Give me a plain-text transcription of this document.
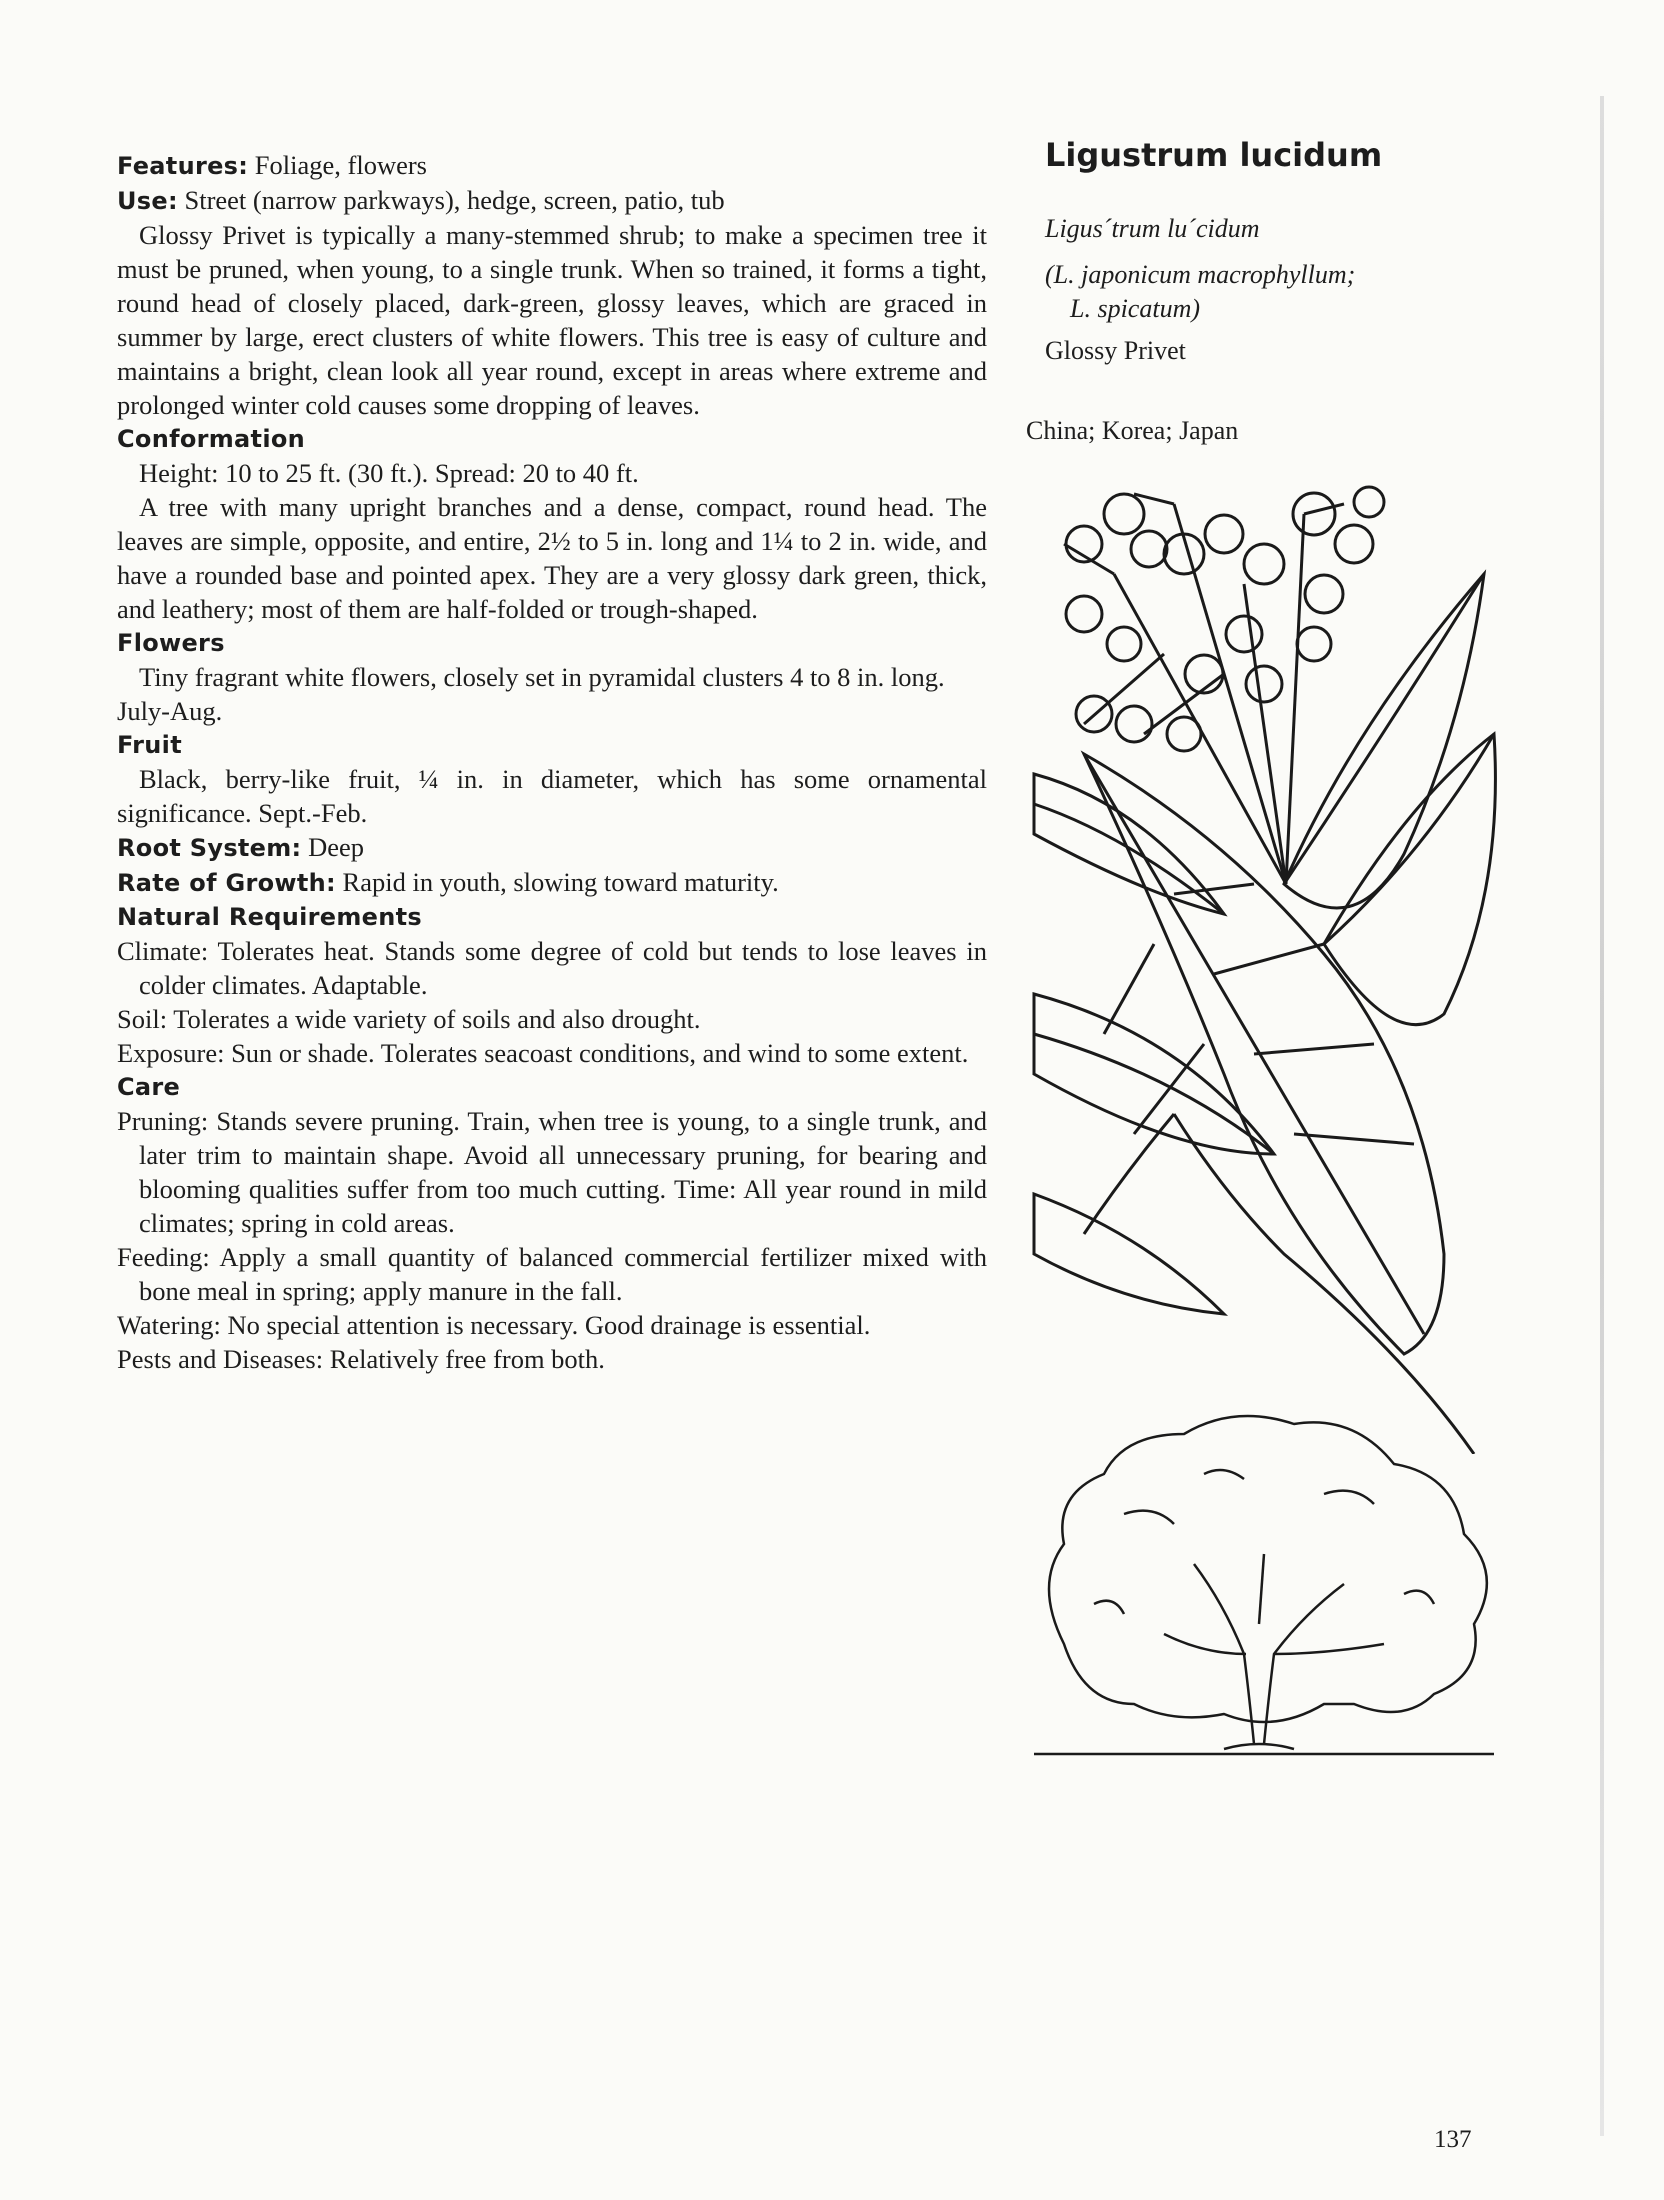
Features: Foliage, flowers

Use: Street (narrow parkways), hedge, screen, patio, tub

Glossy Privet is typically a many-stemmed shrub; to make a specimen tree it must be pruned, when young, to a single trunk. When so trained, it forms a tight, round head of closely placed, dark-green, glossy leaves, which are graced in summer by large, erect clusters of white flowers. This tree is easy of culture and maintains a bright, clean look all year round, except in areas where extreme and prolonged winter cold causes some dropping of leaves.

Conformation

Height: 10 to 25 ft. (30 ft.). Spread: 20 to 40 ft.

A tree with many upright branches and a dense, compact, round head. The leaves are simple, opposite, and entire, 2½ to 5 in. long and 1¼ to 2 in. wide, and have a rounded base and pointed apex. They are a very glossy dark green, thick, and leathery; most of them are half-folded or trough-shaped.

Flowers

Tiny fragrant white flowers, closely set in pyramidal clusters 4 to 8 in. long. July-Aug.

Fruit

Black, berry-like fruit, ¼ in. in diameter, which has some ornamental significance. Sept.-Feb.

Root System: Deep

Rate of Growth: Rapid in youth, slowing toward maturity.

Natural Requirements

Climate: Tolerates heat. Stands some degree of cold but tends to lose leaves in colder climates. Adaptable.

Soil: Tolerates a wide variety of soils and also drought.

Exposure: Sun or shade. Tolerates seacoast conditions, and wind to some extent.

Care

Pruning: Stands severe pruning. Train, when tree is young, to a single trunk, and later trim to maintain shape. Avoid all unnecessary pruning, for bearing and blooming qualities suffer from too much cutting. Time: All year round in mild climates; spring in cold areas.

Feeding: Apply a small quantity of balanced commercial fertilizer mixed with bone meal in spring; apply manure in the fall.

Watering: No special attention is necessary. Good drainage is essential.

Pests and Diseases: Relatively free from both.

Ligustrum lucidum
Ligus´trum lu´cidum
(L. japonicum macrophyllum;
L. spicatum)
Glossy Privet
China; Korea; Japan
137
